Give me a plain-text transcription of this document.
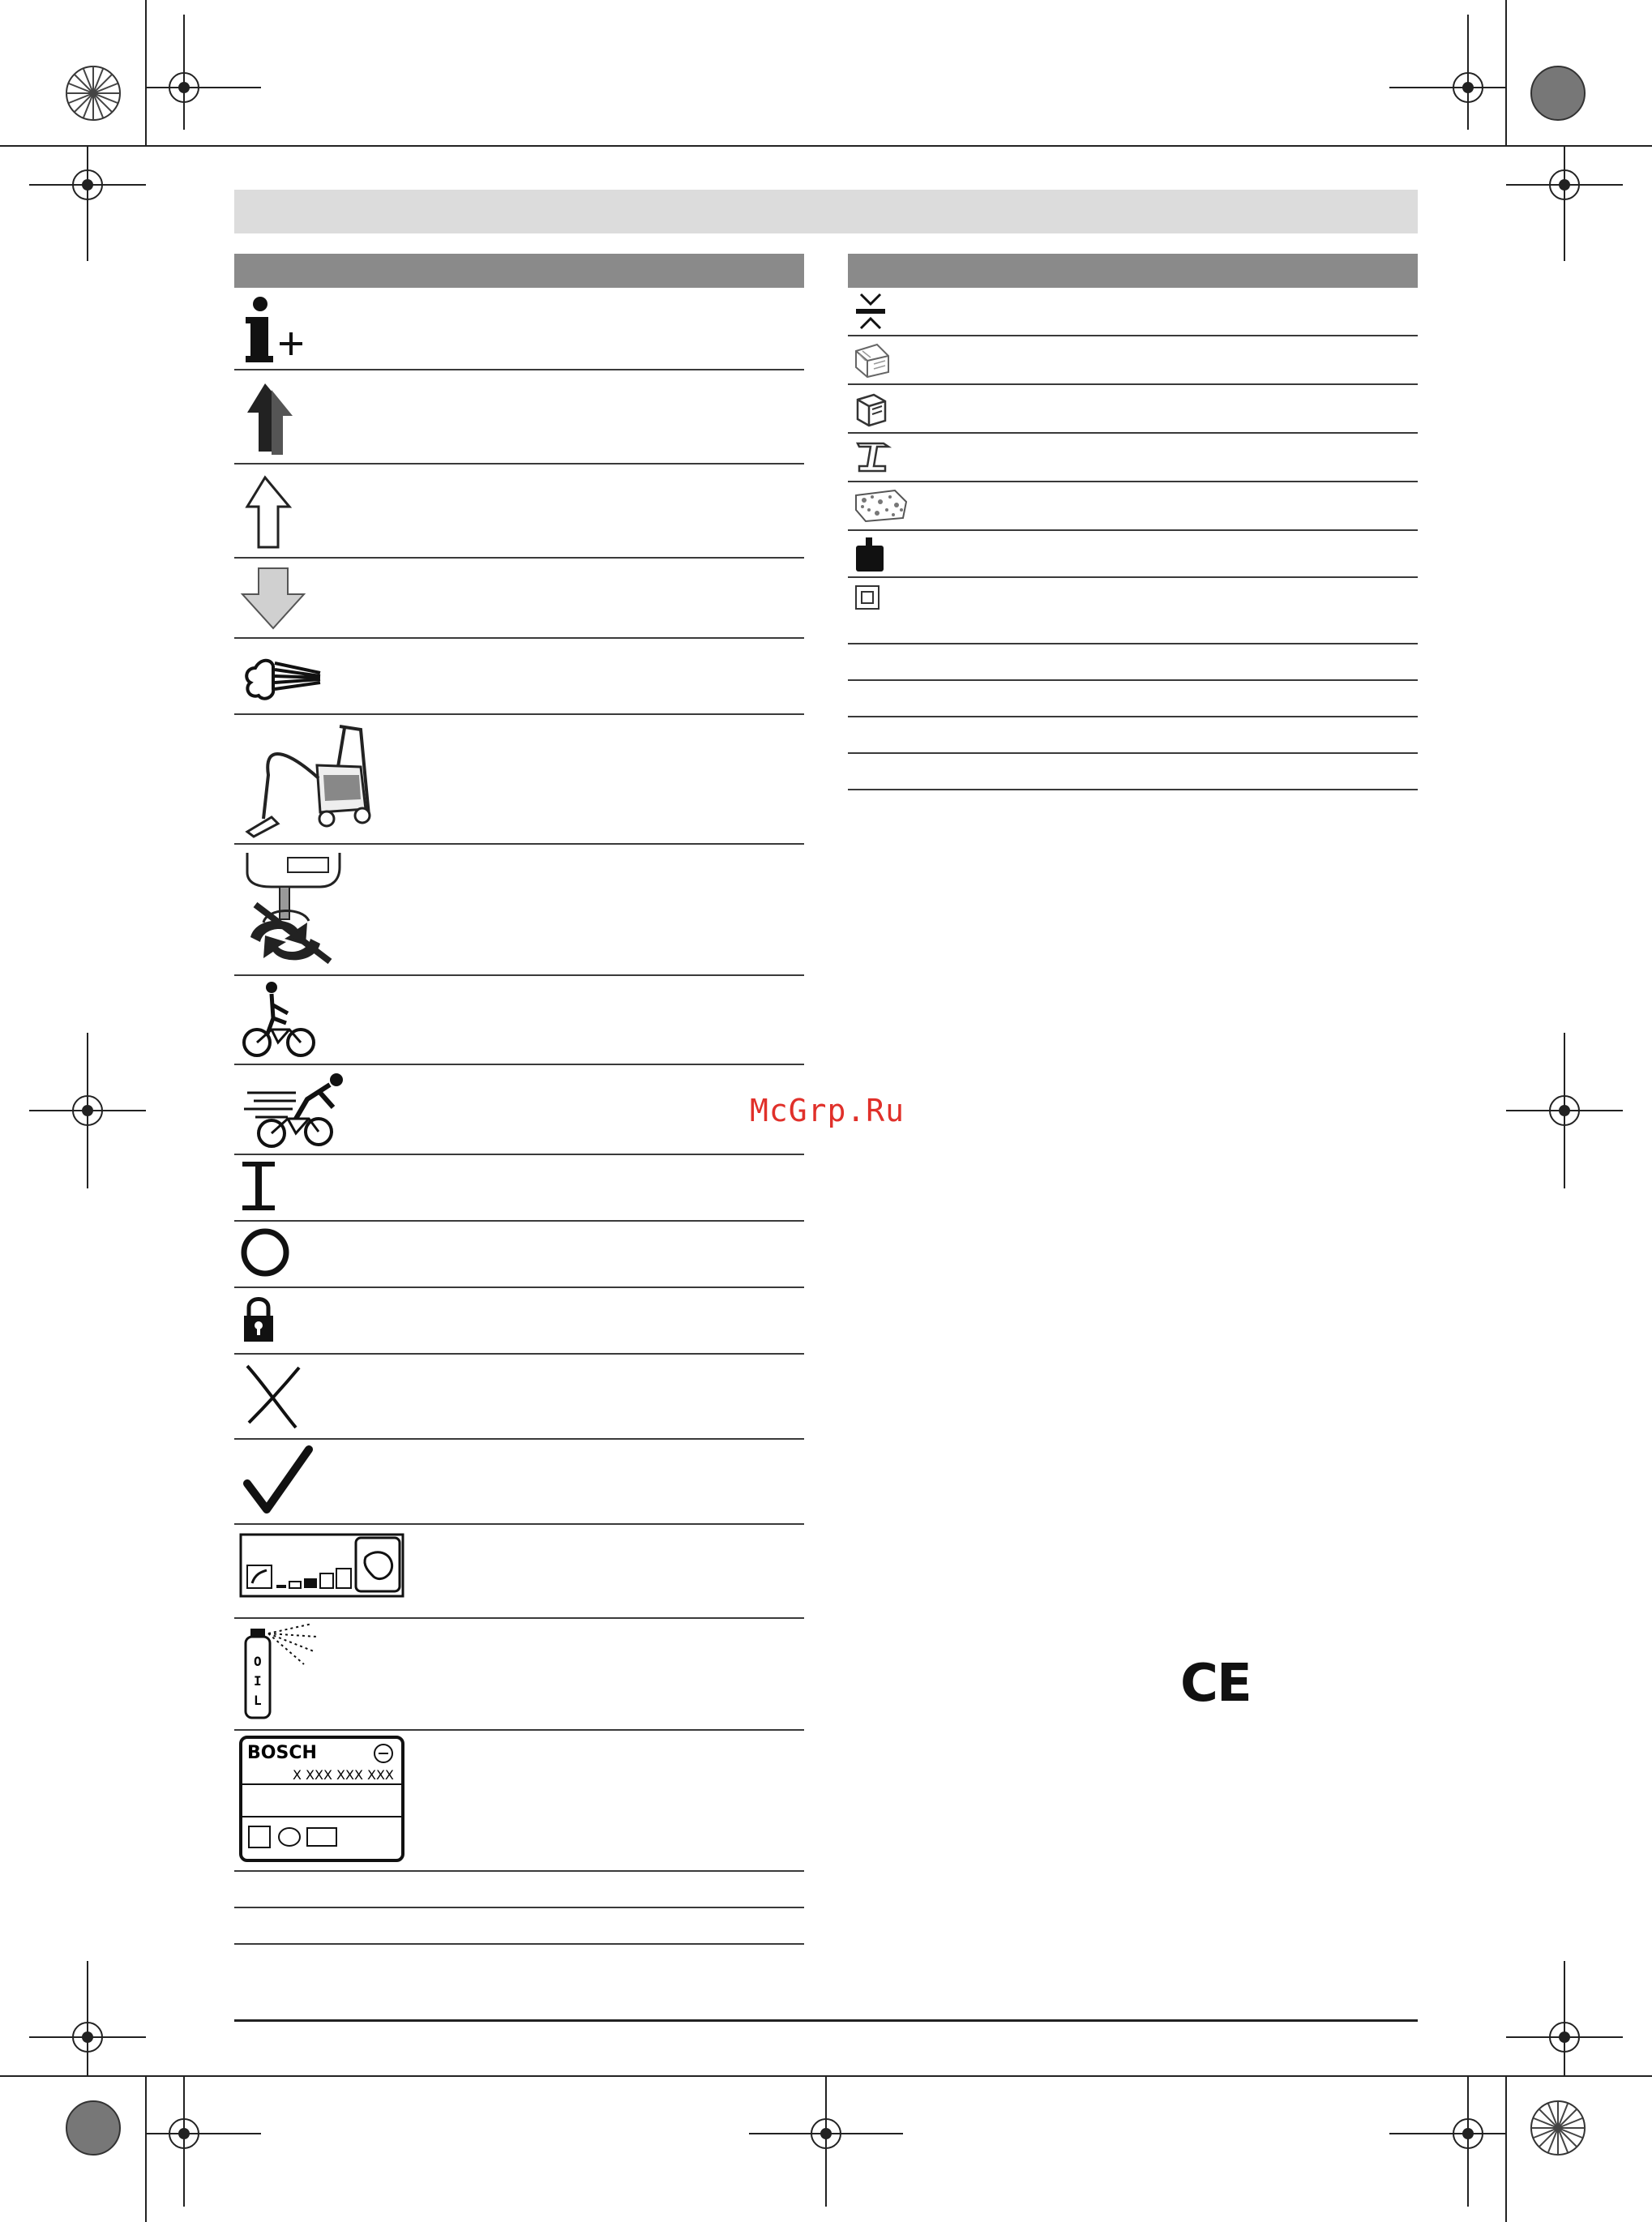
O
I
L
BOSCH
X XXX XXX XXX
McGrp.Ru
CE
